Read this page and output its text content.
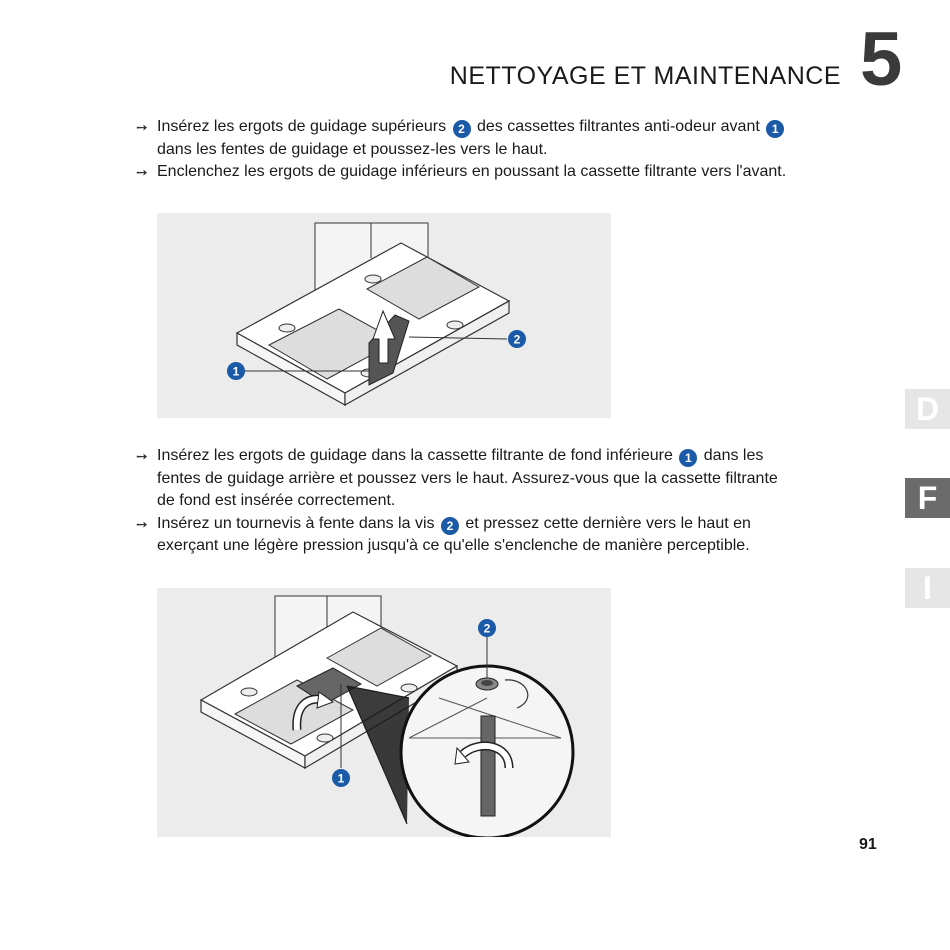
NETTOYAGE ET MAINTENANCE 5
➙ Insérez les ergots de guidage supérieurs 2 des cassettes filtrantes anti-odeur avant 1 dans les fentes de guidage et poussez-les vers le haut.
➙ Enclenchez les ergots de guidage inférieurs en poussant la cassette filtrante vers l'avant.
1
2
➙ Insérez les ergots de guidage dans la cassette filtrante de fond inférieure 1 dans les fentes de guidage arrière et poussez vers le haut. Assurez-vous que la cassette filtrante de fond est insérée correctement.
➙ Insérez un tournevis à fente dans la vis 2 et pressez cette dernière vers le haut en exerçant une légère pression jusqu'à ce qu'elle s'enclenche de manière perceptible.
1
2
D
F
I
91
